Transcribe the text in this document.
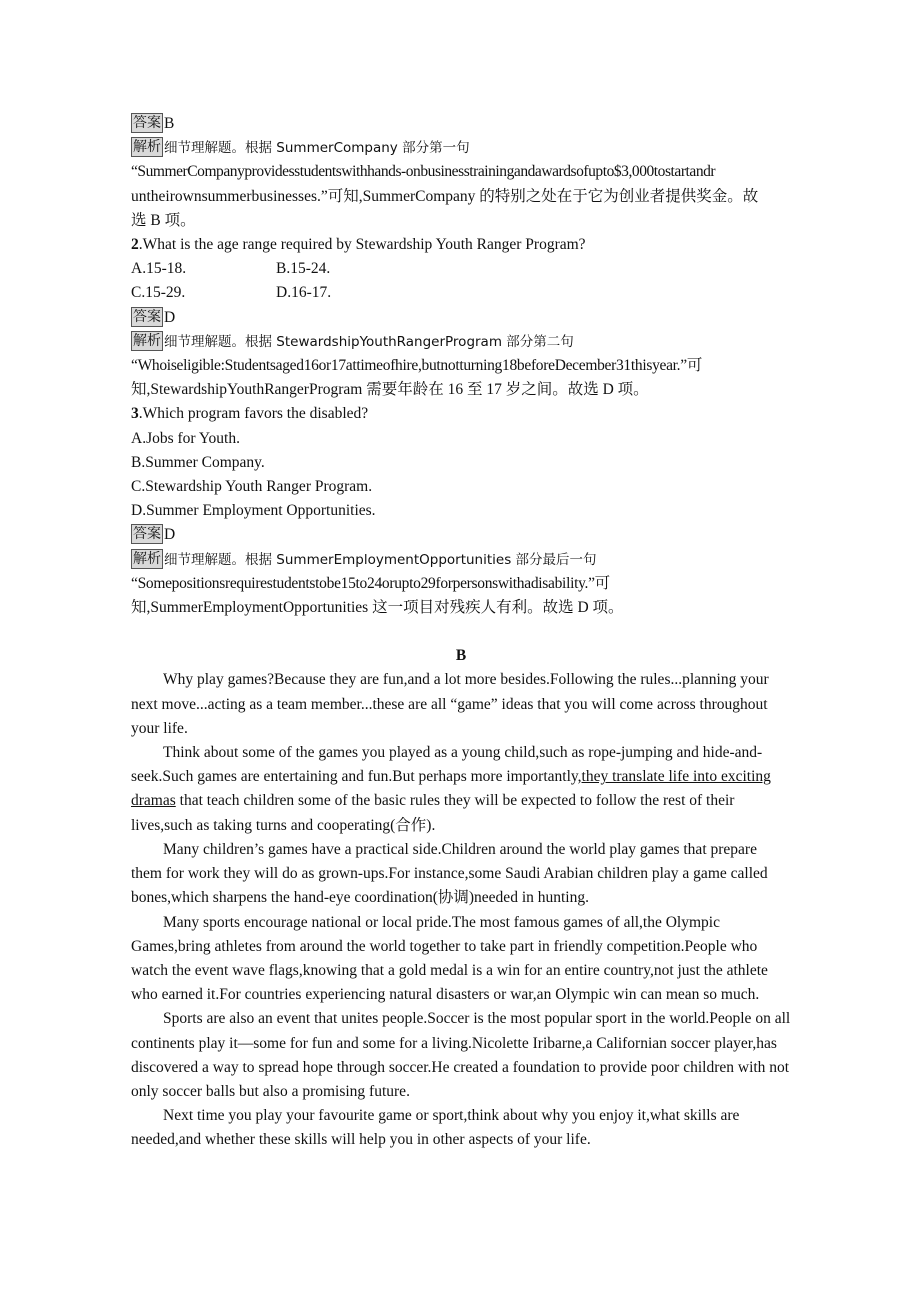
答案 B
解析 细节理解题。根据 SummerCompany 部分第一句
“SummerCompanyprovidesstudentswithhands-onbusinesstrainingandawardsofupto$3,000tostartandr
untheirownsummerbusinesses.”可知,SummerCompany 的特别之处在于它为创业者提供奖金。故
选 B 项。
2.What is the age range required by Stewardship Youth Ranger Program?
A.15-18.	B.15-24.
C.15-29.	D.16-17.
答案 D
解析 细节理解题。根据 StewardshipYouthRangerProgram 部分第二句
“Whoiseligible:Studentsaged16or17attimeofhire,butnotturning18beforeDecember31thisyear.”可
知,StewardshipYouthRangerProgram 需要年龄在 16 至 17 岁之间。故选 D 项。
3.Which program favors the disabled?
A.Jobs for Youth.
B.Summer Company.
C.Stewardship Youth Ranger Program.
D.Summer Employment Opportunities.
答案 D
解析 细节理解题。根据 SummerEmploymentOpportunities 部分最后一句
“Somepositionsrequirestudentstobe15to24orupto29forpersonswithadisability.”可
知,SummerEmploymentOpportunities 这一项目对残疾人有利。故选 D 项。
B
Why play games?Because they are fun,and a lot more besides.Following the rules...planning your next move...acting as a team member...these are all “game” ideas that you will come across throughout your life.
Think about some of the games you played as a young child,such as rope-jumping and hide-and-seek.Such games are entertaining and fun.But perhaps more importantly,they translate life into exciting dramas that teach children some of the basic rules they will be expected to follow the rest of their lives,such as taking turns and cooperating(合作).
Many children’s games have a practical side.Children around the world play games that prepare them for work they will do as grown-ups.For instance,some Saudi Arabian children play a game called bones,which sharpens the hand-eye coordination(协调)needed in hunting.
Many sports encourage national or local pride.The most famous games of all,the Olympic Games,bring athletes from around the world together to take part in friendly competition.People who watch the event wave flags,knowing that a gold medal is a win for an entire country,not just the athlete who earned it.For countries experiencing natural disasters or war,an Olympic win can mean so much.
Sports are also an event that unites people.Soccer is the most popular sport in the world.People on all continents play it—some for fun and some for a living.Nicolette Iribarne,a Californian soccer player,has discovered a way to spread hope through soccer.He created a foundation to provide poor children with not only soccer balls but also a promising future.
Next time you play your favourite game or sport,think about why you enjoy it,what skills are needed,and whether these skills will help you in other aspects of your life.
